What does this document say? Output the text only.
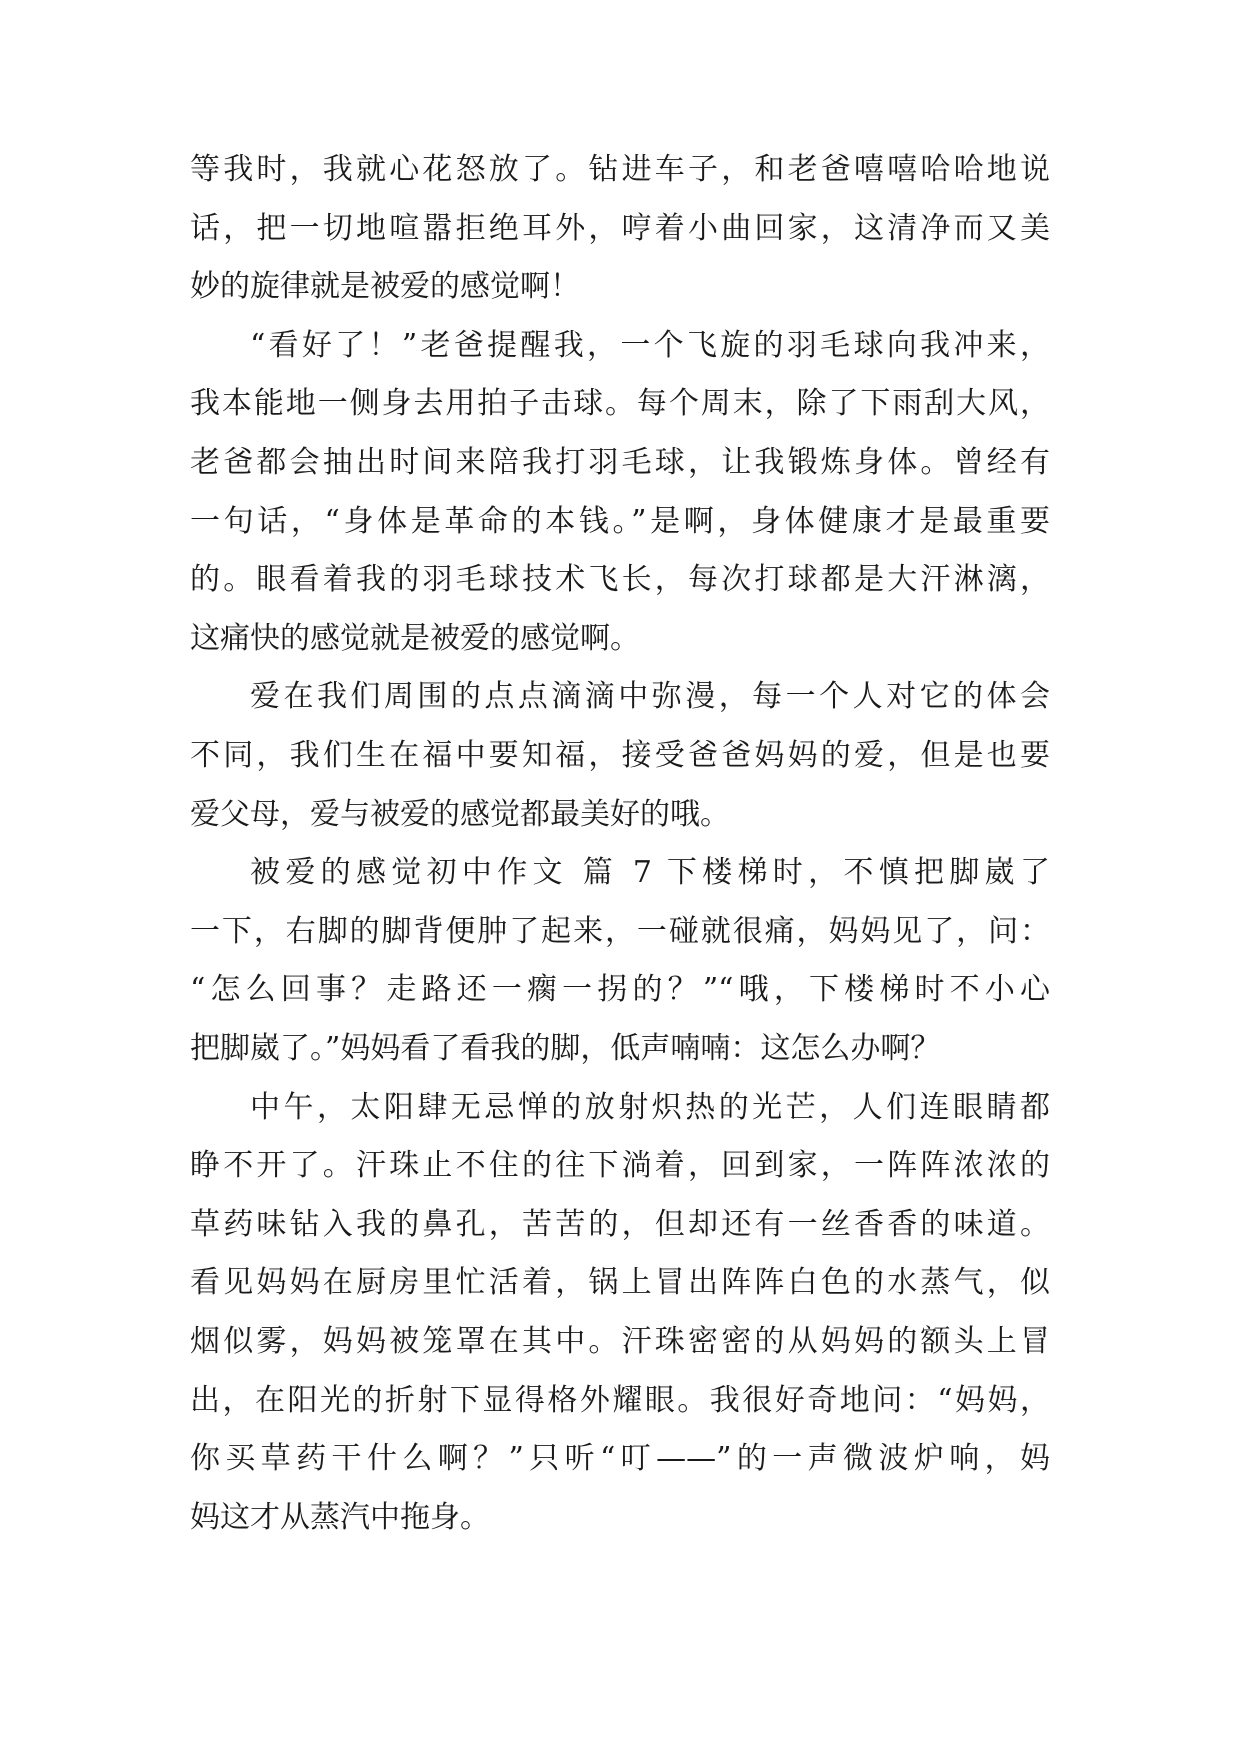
等我时，我就心花怒放了。钻进车子，和老爸嘻嘻哈哈地说
话，把一切地喧嚣拒绝耳外，哼着小曲回家，这清净而又美
妙的旋律就是被爱的感觉啊！
“看好了！”老爸提醒我，一个飞旋的羽毛球向我冲来，
我本能地一侧身去用拍子击球。每个周末，除了下雨刮大风，
老爸都会抽出时间来陪我打羽毛球，让我锻炼身体。曾经有
一句话，“身体是革命的本钱。”是啊，身体健康才是最重要
的。眼看着我的羽毛球技术飞长，每次打球都是大汗淋漓，
这痛快的感觉就是被爱的感觉啊。
爱在我们周围的点点滴滴中弥漫，每一个人对它的体会
不同，我们生在福中要知福，接受爸爸妈妈的爱，但是也要
爱父母，爱与被爱的感觉都最美好的哦。
被爱的感觉初中作文 篇 7 下楼梯时，不慎把脚崴了
一下，右脚的脚背便肿了起来，一碰就很痛，妈妈见了，问：
“怎么回事？走路还一瘸一拐的？”“哦，下楼梯时不小心
把脚崴了。”妈妈看了看我的脚，低声喃喃：这怎么办啊？
中午，太阳肆无忌惮的放射炽热的光芒，人们连眼睛都
睁不开了。汗珠止不住的往下淌着，回到家，一阵阵浓浓的
草药味钻入我的鼻孔，苦苦的，但却还有一丝香香的味道。
看见妈妈在厨房里忙活着，锅上冒出阵阵白色的水蒸气，似
烟似雾，妈妈被笼罩在其中。汗珠密密的从妈妈的额头上冒
出，在阳光的折射下显得格外耀眼。我很好奇地问：“妈妈，
你买草药干什么啊？”只听“叮——”的一声微波炉响，妈
妈这才从蒸汽中拖身。
